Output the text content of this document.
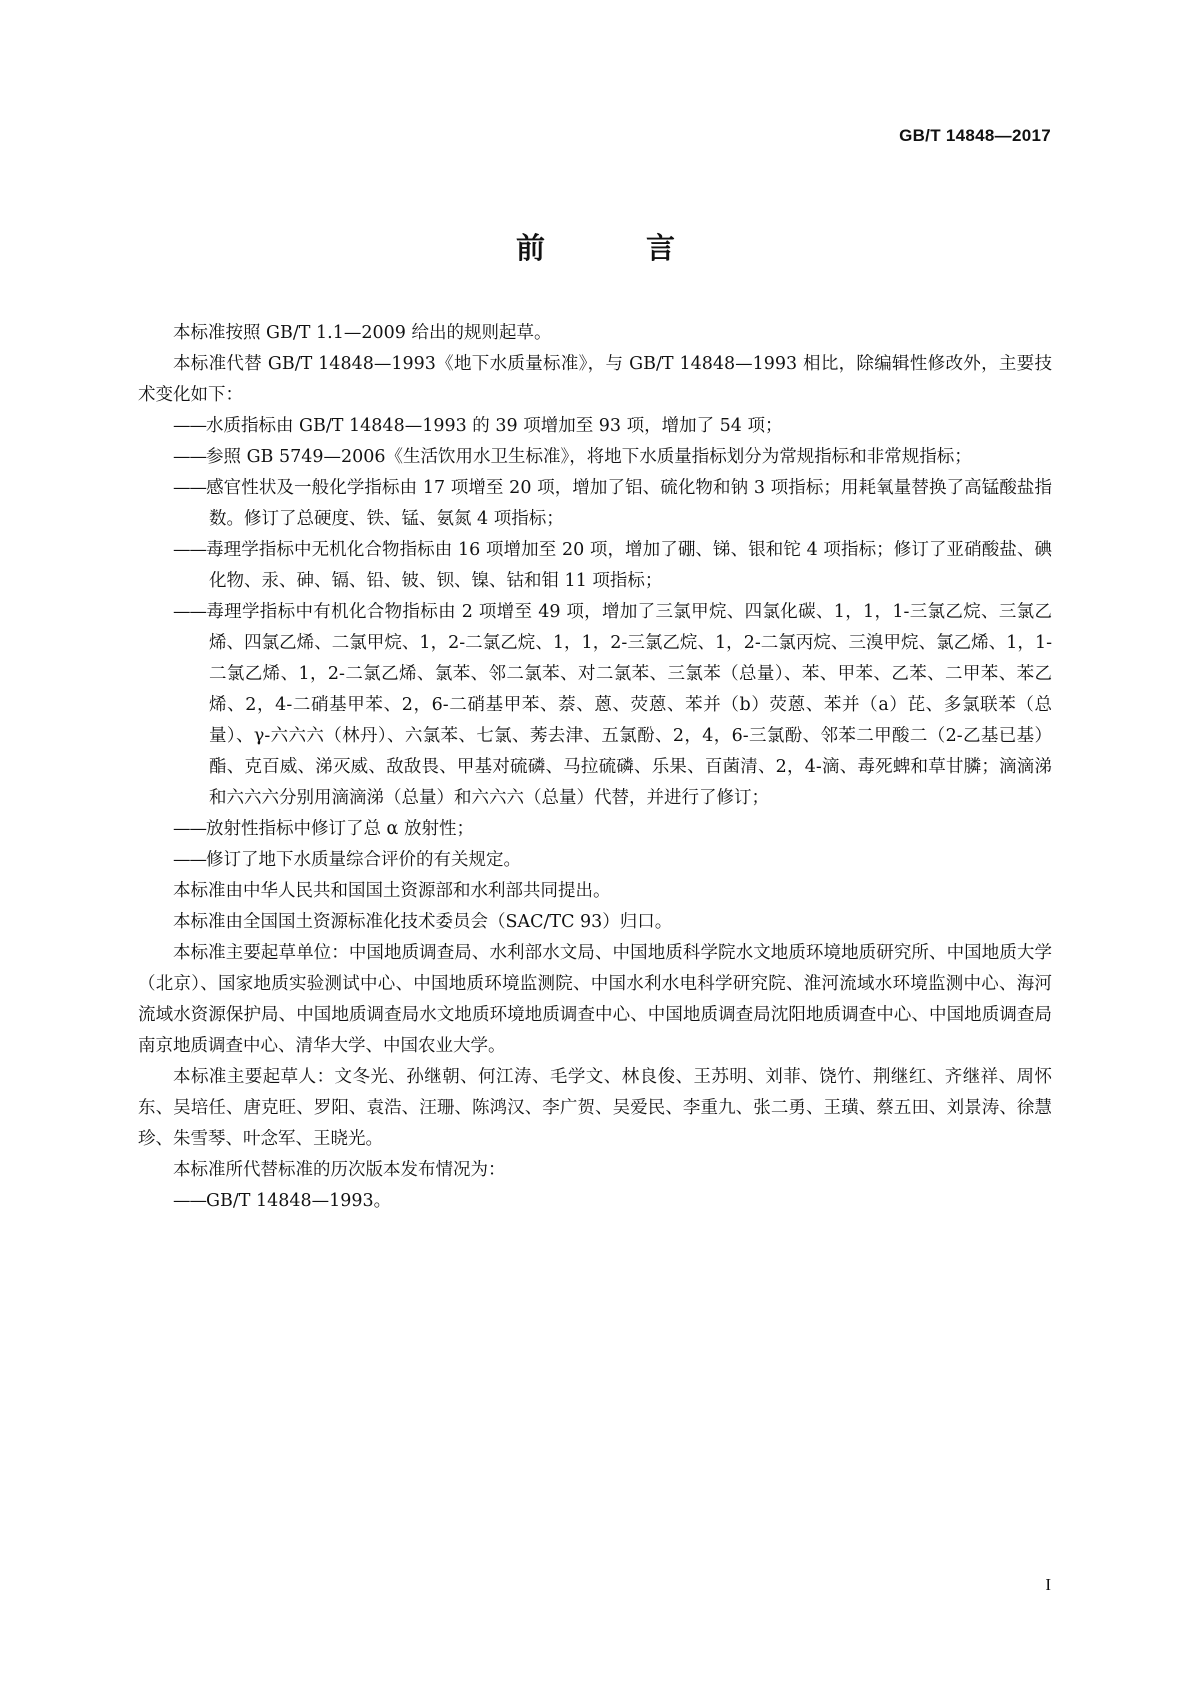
GB/T 14848—2017
前　言

本标准按照 GB/T 1.1—2009 给出的规则起草。

本标准代替 GB/T 14848—1993《地下水质量标准》，与 GB/T 14848—1993 相比，除编辑性修改外，主要技术变化如下：

——水质指标由 GB/T 14848—1993 的 39 项增加至 93 项，增加了 54 项；

——参照 GB 5749—2006《生活饮用水卫生标准》，将地下水质量指标划分为常规指标和非常规指标；

——感官性状及一般化学指标由 17 项增至 20 项，增加了铝、硫化物和钠 3 项指标；用耗氧量替换了高锰酸盐指数。修订了总硬度、铁、锰、氨氮 4 项指标；

——毒理学指标中无机化合物指标由 16 项增加至 20 项，增加了硼、锑、银和铊 4 项指标；修订了亚硝酸盐、碘化物、汞、砷、镉、铅、铍、钡、镍、钴和钼 11 项指标；

——毒理学指标中有机化合物指标由 2 项增至 49 项，增加了三氯甲烷、四氯化碳、1，1，1-三氯乙烷、三氯乙烯、四氯乙烯、二氯甲烷、1，2-二氯乙烷、1，1，2-三氯乙烷、1，2-二氯丙烷、三溴甲烷、氯乙烯、1，1-二氯乙烯、1，2-二氯乙烯、氯苯、邻二氯苯、对二氯苯、三氯苯（总量）、苯、甲苯、乙苯、二甲苯、苯乙烯、2，4-二硝基甲苯、2，6-二硝基甲苯、萘、蒽、荧蒽、苯并（b）荧蒽、苯并（a）芘、多氯联苯（总量）、γ-六六六（林丹）、六氯苯、七氯、莠去津、五氯酚、2，4，6-三氯酚、邻苯二甲酸二（2-乙基已基）酯、克百威、涕灭威、敌敌畏、甲基对硫磷、马拉硫磷、乐果、百菌清、2，4-滴、毒死蜱和草甘膦；滴滴涕和六六六分别用滴滴涕（总量）和六六六（总量）代替，并进行了修订；

——放射性指标中修订了总 α 放射性；

——修订了地下水质量综合评价的有关规定。

本标准由中华人民共和国国土资源部和水利部共同提出。

本标准由全国国土资源标准化技术委员会（SAC/TC 93）归口。

本标准主要起草单位：中国地质调查局、水利部水文局、中国地质科学院水文地质环境地质研究所、中国地质大学（北京）、国家地质实验测试中心、中国地质环境监测院、中国水利水电科学研究院、淮河流域水环境监测中心、海河流域水资源保护局、中国地质调查局水文地质环境地质调查中心、中国地质调查局沈阳地质调查中心、中国地质调查局南京地质调查中心、清华大学、中国农业大学。

本标准主要起草人：文冬光、孙继朝、何江涛、毛学文、林良俊、王苏明、刘菲、饶竹、荆继红、齐继祥、周怀东、吴培任、唐克旺、罗阳、袁浩、汪珊、陈鸿汉、李广贺、吴爱民、李重九、张二勇、王璜、蔡五田、刘景涛、徐慧珍、朱雪琴、叶念军、王晓光。

本标准所代替标准的历次版本发布情况为：

——GB/T 14848—1993。

I
